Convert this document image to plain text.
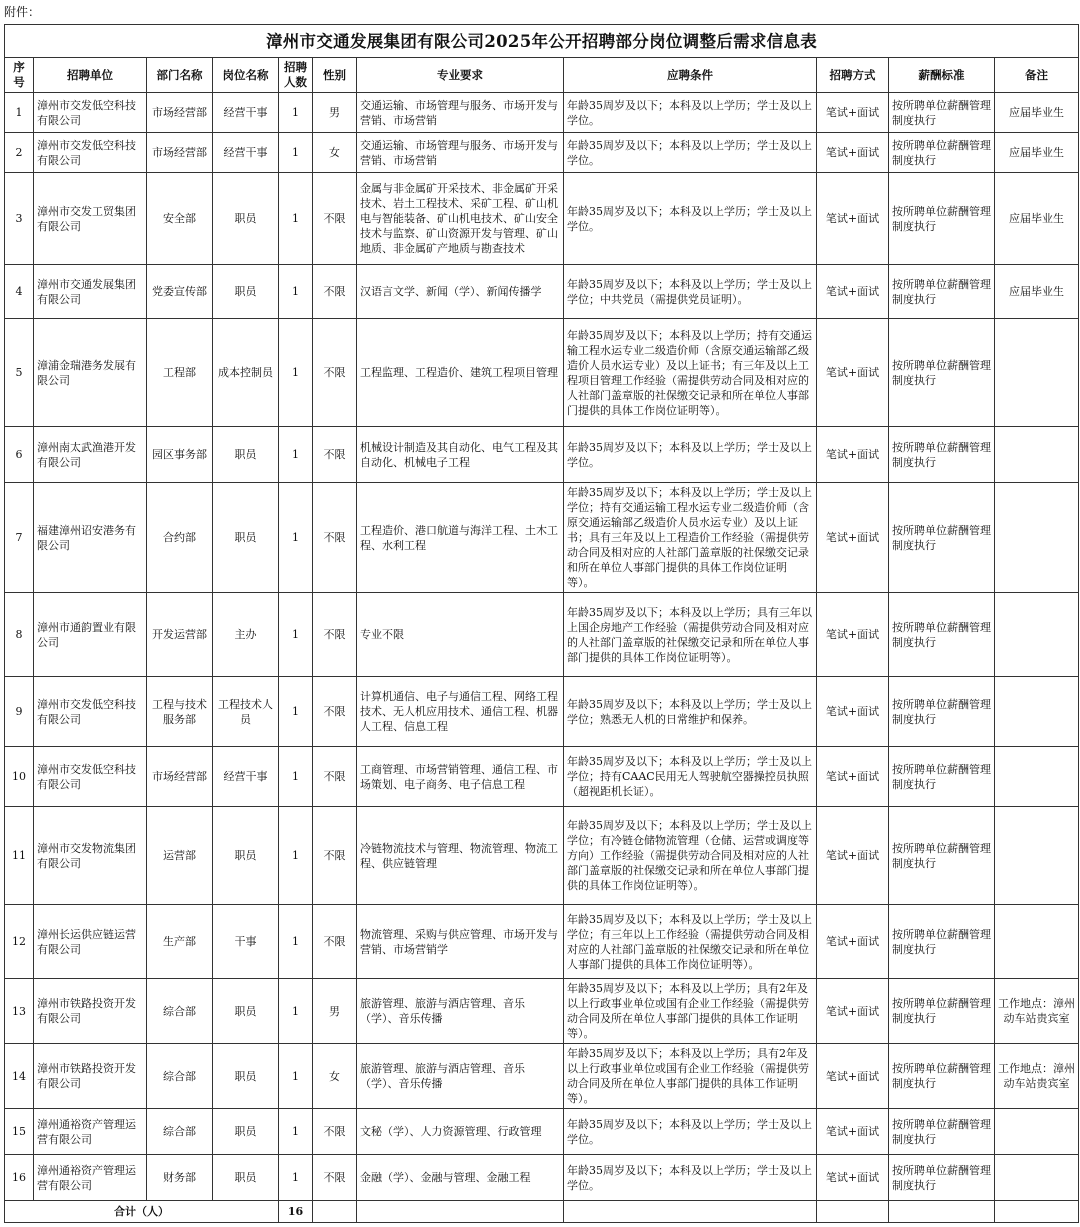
附件：
漳州市交通发展集团有限公司2025年公开招聘部分岗位调整后需求信息表										
序号	招聘单位	部门名称	岗位名称	招聘人数	性别	专业要求	应聘条件	招聘方式	薪酬标准	备注
1	漳州市交发低空科技有限公司	市场经营部	经营干事	1	男	交通运输、市场管理与服务、市场开发与营销、市场营销	年龄35周岁及以下；本科及以上学历；学士及以上学位。	笔试+面试	按所聘单位薪酬管理制度执行	应届毕业生
2	漳州市交发低空科技有限公司	市场经营部	经营干事	1	女	交通运输、市场管理与服务、市场开发与营销、市场营销	年龄35周岁及以下；本科及以上学历；学士及以上学位。	笔试+面试	按所聘单位薪酬管理制度执行	应届毕业生
3	漳州市交发工贸集团有限公司	安全部	职员	1	不限	金属与非金属矿开采技术、非金属矿开采技术、岩土工程技术、采矿工程、矿山机电与智能装备、矿山机电技术、矿山安全技术与监察、矿山资源开发与管理、矿山地质、非金属矿产地质与勘查技术	年龄35周岁及以下；本科及以上学历；学士及以上学位。	笔试+面试	按所聘单位薪酬管理制度执行	应届毕业生
4	漳州市交通发展集团有限公司	党委宣传部	职员	1	不限	汉语言文学、新闻（学）、新闻传播学	年龄35周岁及以下；本科及以上学历；学士及以上学位；中共党员（需提供党员证明）。	笔试+面试	按所聘单位薪酬管理制度执行	应届毕业生
5	漳浦金瑞港务发展有限公司	工程部	成本控制员	1	不限	工程监理、工程造价、建筑工程项目管理	年龄35周岁及以下；本科及以上学历；持有交通运输工程水运专业二级造价师（含原交通运输部乙级造价人员水运专业）及以上证书；有三年及以上工程项目管理工作经验（需提供劳动合同及相对应的人社部门盖章版的社保缴交记录和所在单位人事部门提供的具体工作岗位证明等）。	笔试+面试	按所聘单位薪酬管理制度执行	
6	漳州南太武渔港开发有限公司	园区事务部	职员	1	不限	机械设计制造及其自动化、电气工程及其自动化、机械电子工程	年龄35周岁及以下；本科及以上学历；学士及以上学位。	笔试+面试	按所聘单位薪酬管理制度执行	
7	福建漳州诏安港务有限公司	合约部	职员	1	不限	工程造价、港口航道与海洋工程、土木工程、水利工程	年龄35周岁及以下；本科及以上学历；学士及以上学位；持有交通运输工程水运专业二级造价师（含原交通运输部乙级造价人员水运专业）及以上证书；具有三年及以上工程造价工作经验（需提供劳动合同及相对应的人社部门盖章版的社保缴交记录和所在单位人事部门提供的具体工作岗位证明等）。	笔试+面试	按所聘单位薪酬管理制度执行	
8	漳州市通韵置业有限公司	开发运营部	主办	1	不限	专业不限	年龄35周岁及以下；本科及以上学历；具有三年以上国企房地产工作经验（需提供劳动合同及相对应的人社部门盖章版的社保缴交记录和所在单位人事部门提供的具体工作岗位证明等）。	笔试+面试	按所聘单位薪酬管理制度执行	
9	漳州市交发低空科技有限公司	工程与技术服务部	工程技术人员	1	不限	计算机通信、电子与通信工程、网络工程技术、无人机应用技术、通信工程、机器人工程、信息工程	年龄35周岁及以下；本科及以上学历；学士及以上学位；熟悉无人机的日常维护和保养。	笔试+面试	按所聘单位薪酬管理制度执行	
10	漳州市交发低空科技有限公司	市场经营部	经营干事	1	不限	工商管理、市场营销管理、通信工程、市场策划、电子商务、电子信息工程	年龄35周岁及以下；本科及以上学历；学士及以上学位；持有CAAC民用无人驾驶航空器操控员执照（超视距机长证）。	笔试+面试	按所聘单位薪酬管理制度执行	
11	漳州市交发物流集团有限公司	运营部	职员	1	不限	冷链物流技术与管理、物流管理、物流工程、供应链管理	年龄35周岁及以下；本科及以上学历；学士及以上学位；有冷链仓储物流管理（仓储、运营或调度等方向）工作经验（需提供劳动合同及相对应的人社部门盖章版的社保缴交记录和所在单位人事部门提供的具体工作岗位证明等）。	笔试+面试	按所聘单位薪酬管理制度执行	
12	漳州长运供应链运营有限公司	生产部	干事	1	不限	物流管理、采购与供应管理、市场开发与营销、市场营销学	年龄35周岁及以下；本科及以上学历；学士及以上学位；有三年以上工作经验（需提供劳动合同及相对应的人社部门盖章版的社保缴交记录和所在单位人事部门提供的具体工作岗位证明等）。	笔试+面试	按所聘单位薪酬管理制度执行	
13	漳州市铁路投资开发有限公司	综合部	职员	1	男	旅游管理、旅游与酒店管理、音乐（学）、音乐传播	年龄35周岁及以下；本科及以上学历；具有2年及以上行政事业单位或国有企业工作经验（需提供劳动合同及所在单位人事部门提供的具体工作证明等）。	笔试+面试	按所聘单位薪酬管理制度执行	工作地点：漳州动车站贵宾室
14	漳州市铁路投资开发有限公司	综合部	职员	1	女	旅游管理、旅游与酒店管理、音乐（学）、音乐传播	年龄35周岁及以下；本科及以上学历；具有2年及以上行政事业单位或国有企业工作经验（需提供劳动合同及所在单位人事部门提供的具体工作证明等）。	笔试+面试	按所聘单位薪酬管理制度执行	工作地点：漳州动车站贵宾室
15	漳州通裕资产管理运营有限公司	综合部	职员	1	不限	文秘（学）、人力资源管理、行政管理	年龄35周岁及以下；本科及以上学历；学士及以上学位。	笔试+面试	按所聘单位薪酬管理制度执行	
16	漳州通裕资产管理运营有限公司	财务部	职员	1	不限	金融（学）、金融与管理、金融工程	年龄35周岁及以下；本科及以上学历；学士及以上学位。	笔试+面试	按所聘单位薪酬管理制度执行	
合计（人）				16						
